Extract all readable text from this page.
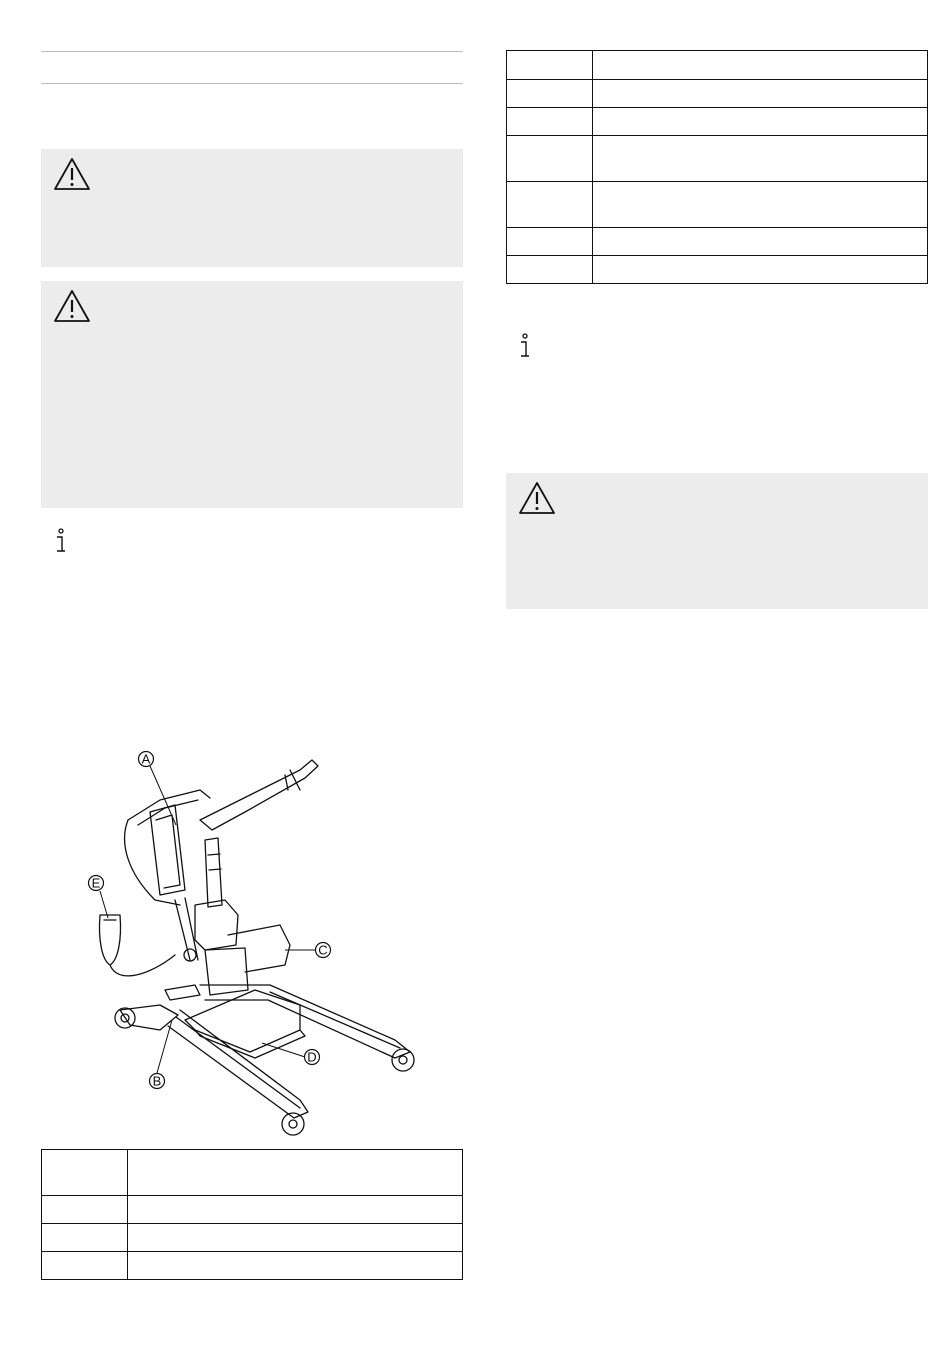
A
B
C
D
E
